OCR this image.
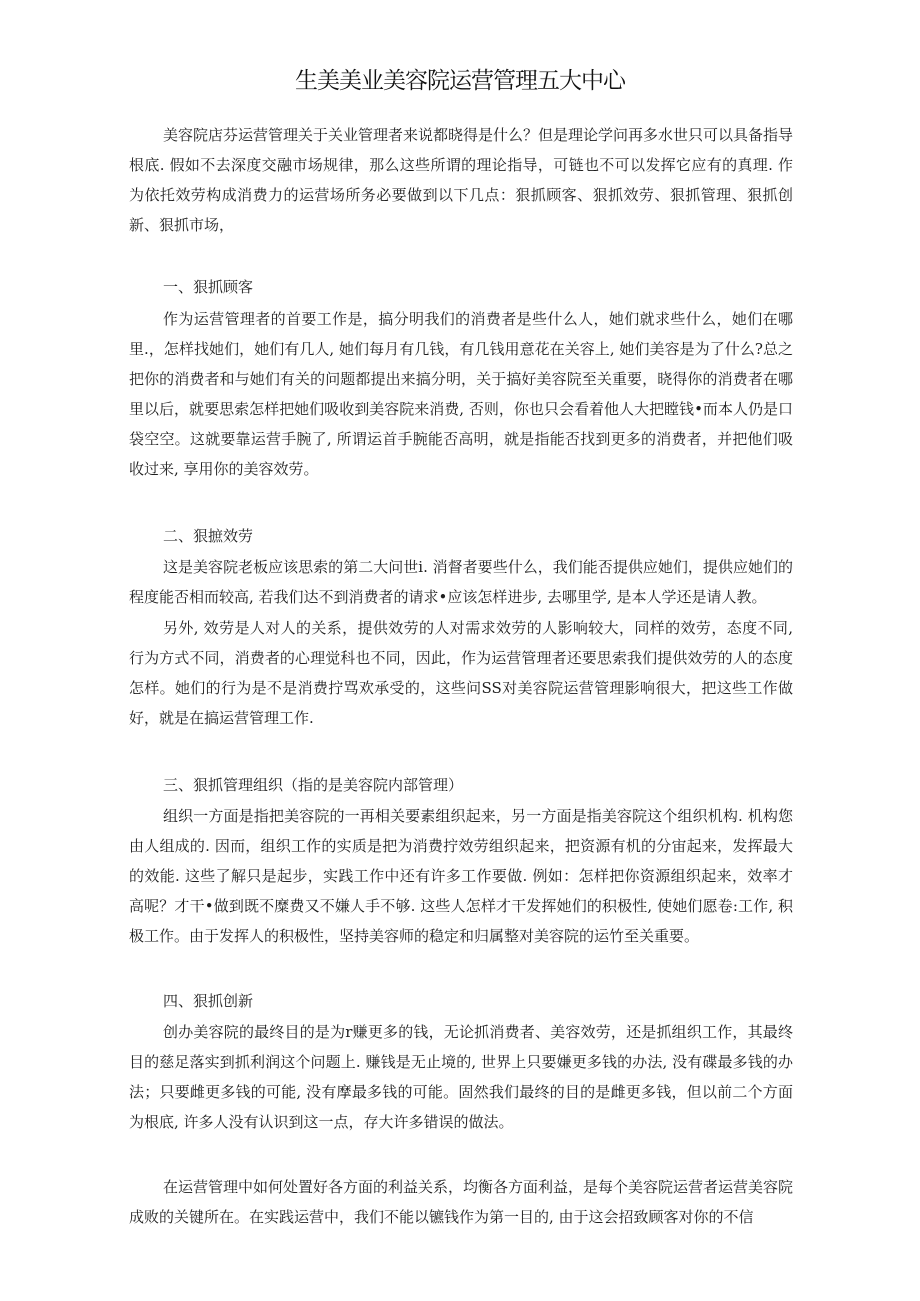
生美美业美容院运营管理五大中心

美容院店芬运营管理关于关业管理者来说都晓得是什么？但是理论学问再多水世只可以具备指导根底. 假如不去深度交融市场规律，那么这些所谓的理论指导，可链也不可以发挥它应有的真理. 作为依托效劳构成消费力的运营场所务必要做到以下几点：狠抓顾客、狠抓效劳、狠抓管理、狠抓创新、狠抓市场，

一、狠抓顾客

作为运营管理者的首要工作是，搞分明我们的消费者是些什么人，她们就求些什么，她们在哪里.，怎样找她们，她们有几人, 她们每月有几钱，有几钱用意花在关容上, 她们美容是为了什么?总之把你的消费者和与她们有关的问题都提出来搞分明，关于搞好美容院至关重要，晓得你的消费者在哪里以后，就要思索怎样把她们吸收到美容院来消费, 否则，你也只会看着他人大把瞠钱•而本人仍是口袋空空。这就要靠运营手腕了, 所谓运首手腕能否高明，就是指能否找到更多的消费者，并把他们吸收过来, 享用你的美容效劳。

二、狠摭效劳

这是美容院老板应该思索的第二大问世i. 消督者要些什么，我们能否提供应她们，提供应她们的程度能否相而较高, 若我们达不到消费者的请求•应该怎样进步, 去哪里学, 是本人学还是请人教。

另外, 效劳是人对人的关系，提供效劳的人对需求效劳的人影响较大，同样的效劳，态度不同, 行为方式不同，消费者的心理觉科也不同，因此，作为运营管理者还要思索我们提供效劳的人的态度怎样。她们的行为是不是消费拧骂欢承受的，这些问SS对美容院运营管理影响很大，把这些工作做好，就是在搞运营管理工作.

三、狠抓管理组织（指的是美容院内部管理）

组织一方面是指把美容院的一再相关要素组织起来，另一方面是指美容院这个组织机构. 机构您由人组成的. 因而，组织工作的实质是把为消费拧效劳组织起来，把资源有机的分宙起来，发挥最大的效能. 这些了解只是起步，实践工作中还有许多工作要做. 例如：怎样把你资源组织起来，效率才高呢？才干•做到既不糜费又不嫌人手不够. 这些人怎样才干发挥她们的积极性, 使她们愿卷:工作, 积极工作。由于发挥人的积极性，坚持美容师的稳定和归属整对美容院的运竹至关重要。

四、狠抓创新

创办美容院的最终目的是为r赚更多的钱，无论抓消费者、美容效劳，还是抓组织工作，其最终目的慈足落实到抓利润这个问题上. 赚钱是无止境的, 世界上只要嫌更多钱的办法, 没有碟最多钱的办法；只要雌更多钱的可能, 没有摩最多钱的可能。固然我们最终的目的是雌更多钱，但以前二个方面为根底, 许多人没有认识到这一点，存大许多错误的做法。

在运营管理中如何处置好各方面的利益关系，均衡各方面利益，是每个美容院运营者运营美容院成败的关键所在。在实践运营中，我们不能以镳钱作为第一目的, 由于这会招致顾客对你的不信
